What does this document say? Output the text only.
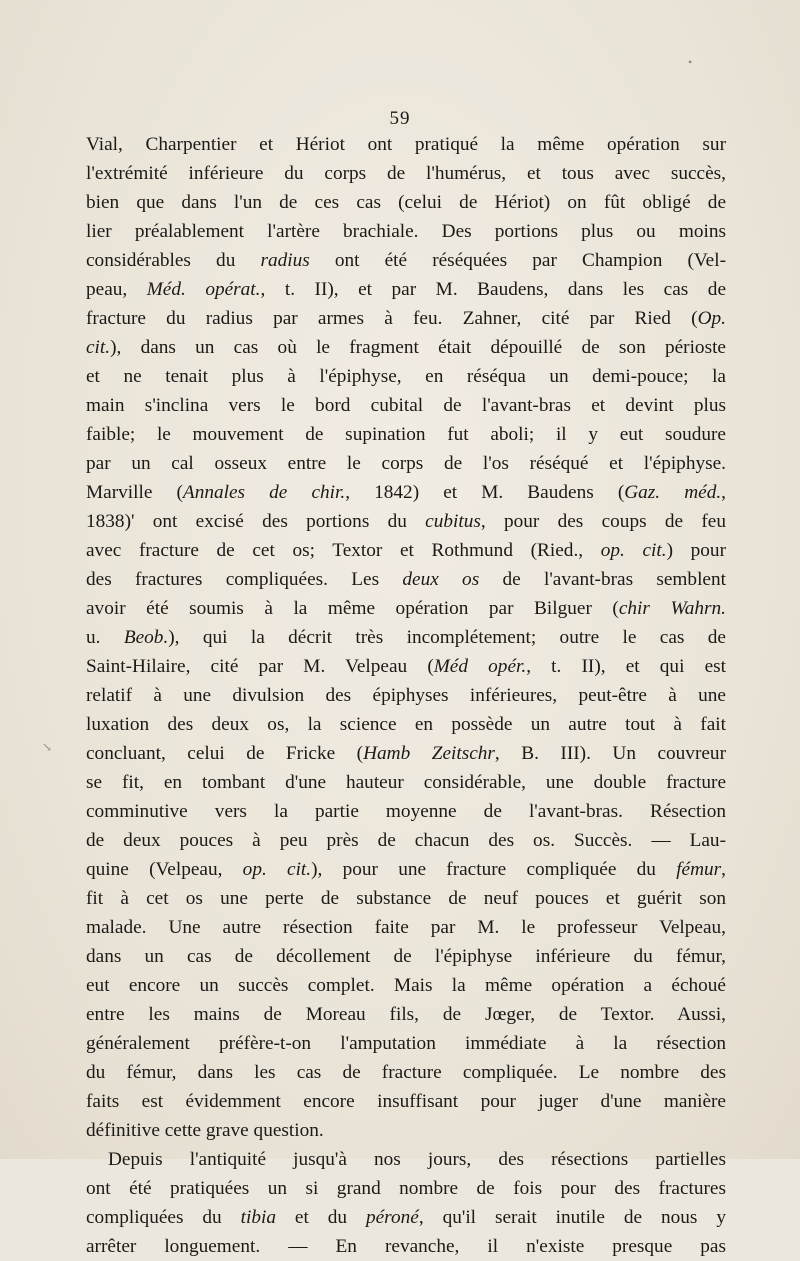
59
Vial, Charpentier et Hériot ont pratiqué la même opération sur
l'extrémité inférieure du corps de l'humérus, et tous avec succès,
bien que dans l'un de ces cas (celui de Hériot) on fût obligé de
lier préalablement l'artère brachiale. Des portions plus ou moins
considérables du radius ont été réséquées par Champion (Vel-
peau, Méd. opérat., t. II), et par M. Baudens, dans les cas de
fracture du radius par armes à feu. Zahner, cité par Ried (Op.
cit.), dans un cas où le fragment était dépouillé de son périoste
et ne tenait plus à l'épiphyse, en réséqua un demi-pouce; la
main s'inclina vers le bord cubital de l'avant-bras et devint plus
faible; le mouvement de supination fut aboli; il y eut soudure
par un cal osseux entre le corps de l'os réséqué et l'épiphyse.
Marville (Annales de chir., 1842) et M. Baudens (Gaz. méd.,
1838)' ont excisé des portions du cubitus, pour des coups de feu
avec fracture de cet os; Textor et Rothmund (Ried., op. cit.) pour
des fractures compliquées. Les deux os de l'avant-bras semblent
avoir été soumis à la même opération par Bilguer (chir Wahrn.
u. Beob.), qui la décrit très incomplétement; outre le cas de
Saint-Hilaire, cité par M. Velpeau (Méd opér., t. II), et qui est
relatif à une divulsion des épiphyses inférieures, peut-être à une
luxation des deux os, la science en possède un autre tout à fait
concluant, celui de Fricke (Hamb Zeitschr, B. III). Un couvreur
se fit, en tombant d'une hauteur considérable, une double fracture
comminutive vers la partie moyenne de l'avant-bras. Résection
de deux pouces à peu près de chacun des os. Succès. — Lau-
quine (Velpeau, op. cit.), pour une fracture compliquée du fémur,
fit à cet os une perte de substance de neuf pouces et guérit son
malade. Une autre résection faite par M. le professeur Velpeau,
dans un cas de décollement de l'épiphyse inférieure du fémur,
eut encore un succès complet. Mais la même opération a échoué
entre les mains de Moreau fils, de Jœger, de Textor. Aussi,
généralement préfère-t-on l'amputation immédiate à la résection
du fémur, dans les cas de fracture compliquée. Le nombre des
faits est évidemment encore insuffisant pour juger d'une manière
définitive cette grave question.
Depuis l'antiquité jusqu'à nos jours, des résections partielles
ont été pratiquées un si grand nombre de fois pour des fractures
compliquées du tibia et du péroné, qu'il serait inutile de nous y
arrêter longuement. — En revanche, il n'existe presque pas
•
↘
